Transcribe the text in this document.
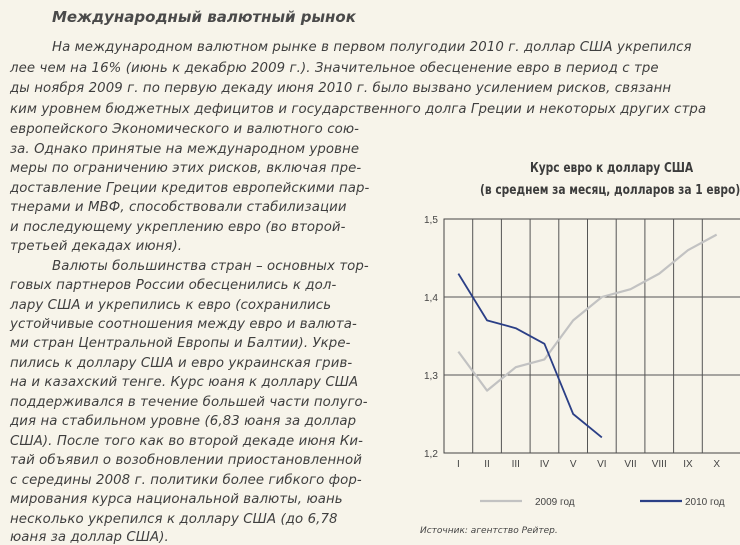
Международный валютный рынок
На международном валютном рынке в первом полугодии 2010 г. доллар США укрепился
лее чем на 16% (июнь к декабрю 2009 г.). Значительное обесценение евро в период с тре
ды ноября 2009 г. по первую декаду июня 2010 г. было вызвано усилением рисков, связанн
ким уровнем бюджетных дефицитов и государственного долга Греции и некоторых других стра
европейского Экономического и валютного сою-
за. Однако принятые на международном уровне
меры по ограничению этих рисков, включая пре-
доставление Греции кредитов европейскими пар-
тнерами и МВФ, способствовали стабилизации
и последующему укреплению евро (во второй-
третьей декадах июня).
Валюты большинства стран – основных тор-
говых партнеров России обесценились к дол-
лару США и укрепились к евро (сохранились
устойчивые соотношения между евро и валюта-
ми стран Центральной Европы и Балтии). Укре-
пились к доллару США и евро украинская грив-
на и казахский тенге. Курс юаня к доллару США
поддерживался в течение большей части полуго-
дия на стабильном уровне (6,83 юаня за доллар
США). После того как во второй декаде июня Ки-
тай объявил о возобновлении приостановленной
с середины 2008 г. политики более гибкого фор-
мирования курса национальной валюты, юань
несколько укрепился к доллару США (до 6,78
юаня за доллар США).
Курс евро к доллару США
(в среднем за месяц, долларов за 1 евро)
1,5
1,4
1,3
1,2
I II III IV V VI VII VIII IX X
2009 год	2010 год
Источник: агентство Рейтер.
